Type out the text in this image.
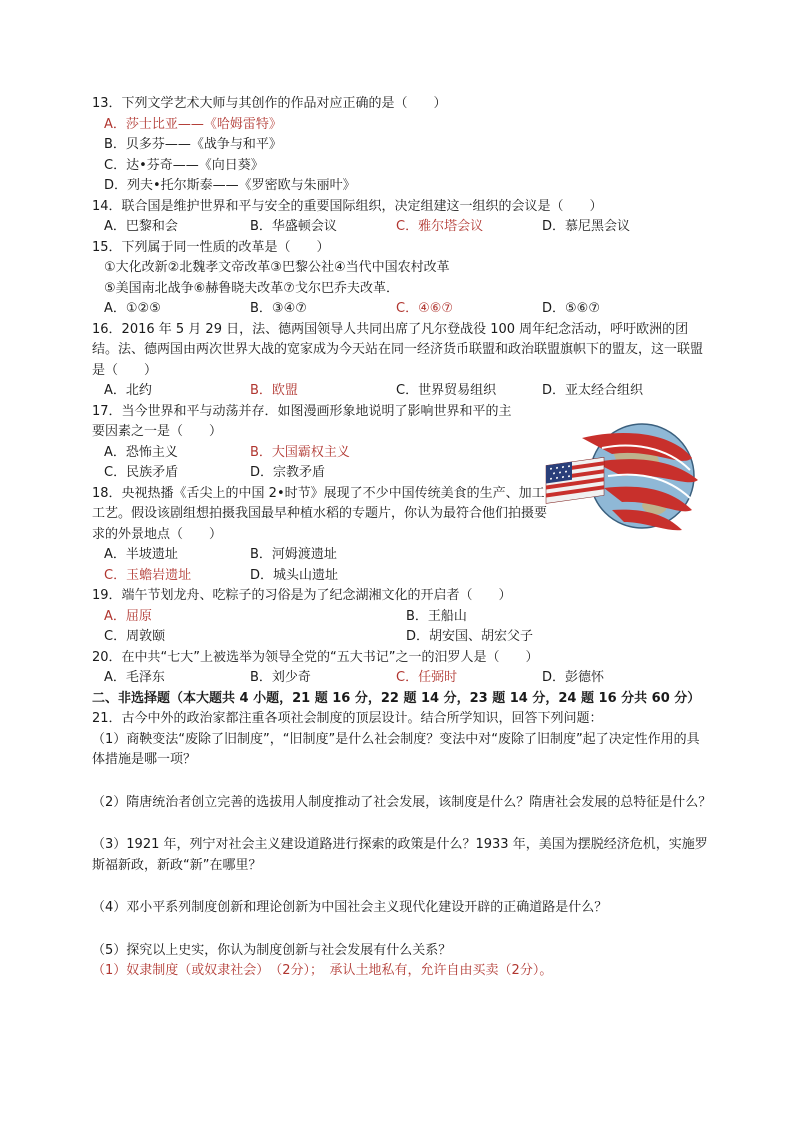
13．下列文学艺术大师与其创作的作品对应正确的是（　　）
A．莎士比亚——《哈姆雷特》
B．贝多芬——《战争与和平》
C．达•芬奇——《向日葵》
D．列夫•托尔斯泰——《罗密欧与朱丽叶》
14．联合国是维护世界和平与安全的重要国际组织，决定组建这一组织的会议是（　　）
A．巴黎和会	B．华盛顿会议	C．雅尔塔会议	D．慕尼黑会议
15．下列属于同一性质的改革是（　　）
①大化改新②北魏孝文帝改革③巴黎公社④当代中国农村改革
⑤美国南北战争⑥赫鲁晓夫改革⑦戈尔巴乔夫改革．
A．①②⑤	B．③④⑦	C．④⑥⑦	D．⑤⑥⑦
16．2016 年 5 月 29 日，法、德两国领导人共同出席了凡尔登战役 100 周年纪念活动，呼吁欧洲的团结。法、德两国由两次世界大战的宽家成为今天站在同一经济货币联盟和政治联盟旗帜下的盟友，这一联盟是（　　）
A．北约	B．欧盟	C．世界贸易组织	D．亚太经合组织
17．当今世界和平与动荡并存．如图漫画形象地说明了影响世界和平的主要因素之一是（　　）
A．恐怖主义	B．大国霸权主义
C．民族矛盾	D．宗教矛盾
18．央视热播《舌尖上的中国 2•时节》展现了不少中国传统美食的生产、加工工艺。假设该剧组想拍摄我国最早种植水稻的专题片，你认为最符合他们拍摄要求的外景地点（　　）
A．半坡遗址	B．河姆渡遗址
C．玉蟾岩遗址	D．城头山遗址
19．端午节划龙舟、吃粽子的习俗是为了纪念湖湘文化的开启者（　　）
A．屈原	B．王船山
C．周敦颐	D．胡安国、胡宏父子
20．在中共“七大”上被选举为领导全党的“五大书记”之一的汨罗人是（　　）
A．毛泽东	B．刘少奇	C．任弼时	D．彭德怀
二、非选择题（本大题共 4 小题，21 题 16 分，22 题 14 分，23 题 14 分，24 题 16 分共 60 分）
21．古今中外的政治家都注重各项社会制度的顶层设计。结合所学知识，回答下列问题：
（1）商鞅变法“废除了旧制度”，“旧制度”是什么社会制度？变法中对“废除了旧制度”起了决定性作用的具体措施是哪一项？
（2）隋唐统治者创立完善的选拔用人制度推动了社会发展，该制度是什么？隋唐社会发展的总特征是什么？
（3）1921 年，列宁对社会主义建设道路进行探索的政策是什么？1933 年，美国为摆脱经济危机，实施罗斯福新政，新政“新”在哪里？
（4）邓小平系列制度创新和理论创新为中国社会主义现代化建设开辟的正确道路是什么？
（5）探究以上史实，你认为制度创新与社会发展有什么关系？
（1）奴隶制度（或奴隶社会）　（2分）；　承认土地私有，允许自由买卖（2分）。
